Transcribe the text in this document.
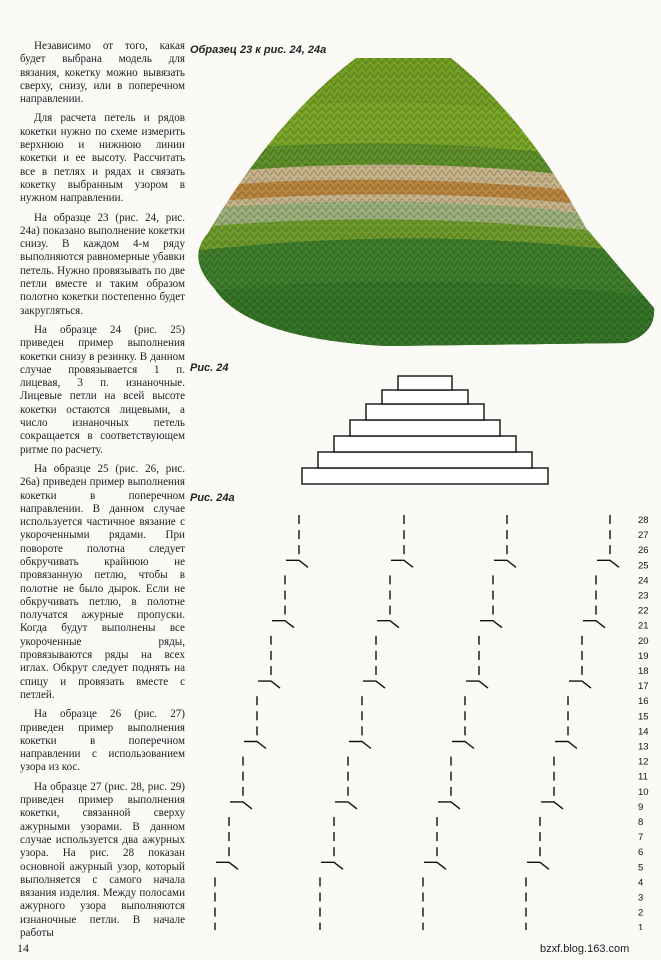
Независимо от того, какая будет выбрана модель для вязания, кокетку можно вывязать сверху, снизу, или в поперечном направлении.

Для расчета петель и рядов кокетки нужно по схеме измерить верхнюю и нижнюю линии кокетки и ее высоту. Рассчитать все в петлях и рядах и связать кокетку выбранным узором в нужном направлении.

На образце 23 (рис. 24, рис. 24а) показано выполнение кокетки снизу. В каждом 4-м ряду выполняются равномерные убавки петель. Нужно провязывать по две петли вместе и таким образом полотно кокетки постепенно будет закругляться.

На образце 24 (рис. 25) приведен пример выполнения кокетки снизу в резинку. В данном случае провязывается 1 п. лицевая, 3 п. изнаночные. Лицевые петли на всей высоте кокетки остаются лицевыми, а число изнаночных петель сокращается в соответствующем ритме по расчету.

На образце 25 (рис. 26, рис. 26а) приведен пример выполнения кокетки в поперечном направлении. В данном случае используется частичное вязание с укороченными рядами. При повороте полотна следует обкручивать крайнюю не провязанную петлю, чтобы в полотне не было дырок. Если не обкручивать петлю, в полотне получатся ажурные пропуски. Когда будут выполнены все укороченные ряды, провязываются ряды на всех иглах. Обкрут следует поднять на спицу и провязать вместе с петлей.

На образце 26 (рис. 27) приведен пример выполнения кокетки в поперечном направлении с использованием узора из кос.

На образце 27 (рис. 28, рис. 29) приведен пример выполнения кокетки, связанной сверху ажурными узорами. В данном случае используется два ажурных узора. На рис. 28 показан основной ажурный узор, который выполняется с самого начала вязания изделия. Между полосами ажурного узора выполняются изнаночные петли. В начале работы

Образец 23 к рис. 24, 24а
Рис. 24
Рис. 24а
28
27
26
25
24
23
22
21
20
19
18
17
16
15
14
13
12
11
10
9
8
7
6
5
4
3
2
1
14	bzxf.blog.163.com
